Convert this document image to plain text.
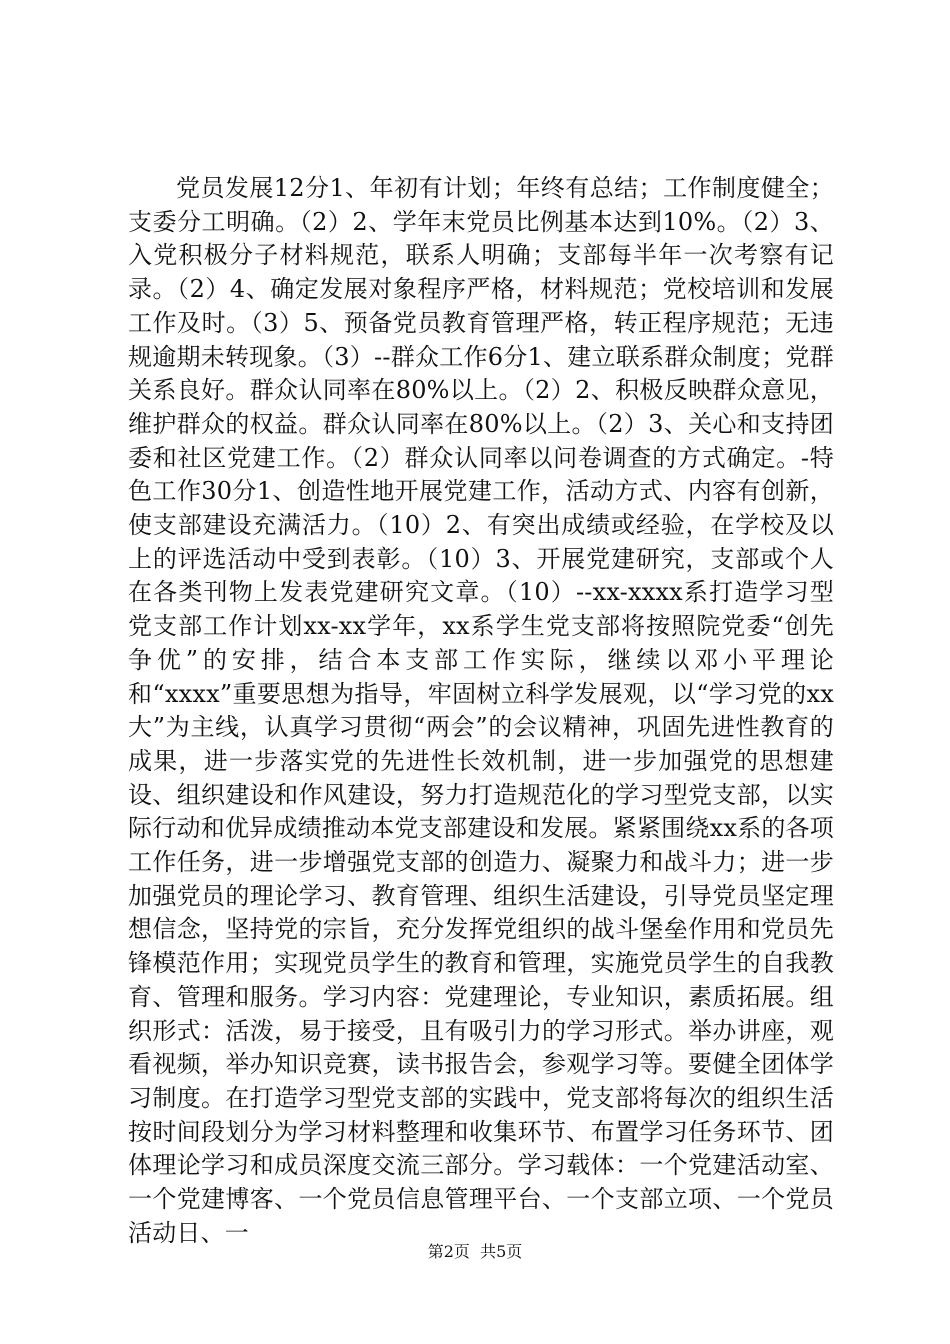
党员发展12分1、年初有计划；年终有总结；工作制度健全；支委分工明确。（2）2、学年末党员比例基本达到10%。（2）3、入党积极分子材料规范，联系人明确；支部每半年一次考察有记录。（2）4、确定发展对象程序严格，材料规范；党校培训和发展工作及时。（3）5、预备党员教育管理严格，转正程序规范；无违规逾期未转现象。（3）--群众工作6分1、建立联系群众制度；党群关系良好。群众认同率在80%以上。（2）2、积极反映群众意见，维护群众的权益。群众认同率在80%以上。（2）3、关心和支持团委和社区党建工作。（2）群众认同率以问卷调查的方式确定。-特色工作30分1、创造性地开展党建工作，活动方式、内容有创新，使支部建设充满活力。（10）2、有突出成绩或经验，在学校及以上的评选活动中受到表彰。（10）3、开展党建研究，支部或个人在各类刊物上发表党建研究文章。（10）--xx-xxxx系打造学习型党支部工作计划xx-xx学年，xx系学生党支部将按照院党委“创先争优”的安排，结合本支部工作实际，继续以邓小平理论和“xxxx”重要思想为指导，牢固树立科学发展观，以“学习党的xx大”为主线，认真学习贯彻“两会”的会议精神，巩固先进性教育的成果，进一步落实党的先进性长效机制，进一步加强党的思想建设、组织建设和作风建设，努力打造规范化的学习型党支部，以实际行动和优异成绩推动本党支部建设和发展。紧紧围绕xx系的各项工作任务，进一步增强党支部的创造力、凝聚力和战斗力；进一步加强党员的理论学习、教育管理、组织生活建设，引导党员坚定理想信念，坚持党的宗旨，充分发挥党组织的战斗堡垒作用和党员先锋模范作用；实现党员学生的教育和管理，实施党员学生的自我教育、管理和服务。学习内容：党建理论，专业知识，素质拓展。组织形式：活泼，易于接受，且有吸引力的学习形式。举办讲座，观看视频，举办知识竞赛，读书报告会，参观学习等。要健全团体学习制度。在打造学习型党支部的实践中，党支部将每次的组织生活按时间段划分为学习材料整理和收集环节、布置学习任务环节、团体理论学习和成员深度交流三部分。学习载体：一个党建活动室、一个党建博客、一个党员信息管理平台、一个支部立项、一个党员活动日、一

第2页  共5页
